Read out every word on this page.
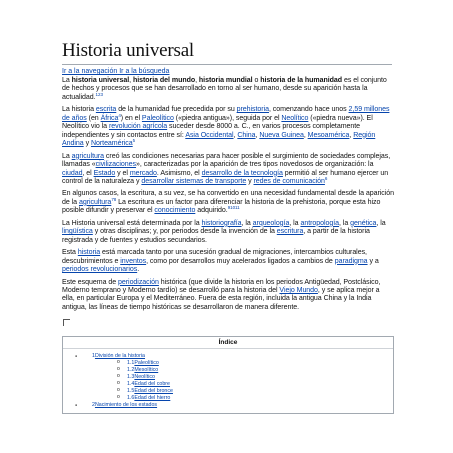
Historia universal
Ir a la navegación Ir a la búsqueda

La historia universal, historia del mundo, historia mundial o historia de la humanidad es el conjunto de hechos y procesos que se han desarrollado en torno al ser humano, desde su aparición hasta la actualidad.$^{123}$

La historia escrita de la humanidad fue precedida por su prehistoria, comenzando hace unos 2,59 millones de años (en África$^4$) en el Paleolítico («piedra antigua»), seguida por el Neolítico («piedra nueva»). El Neolítico vio la revolución agrícola suceder desde 8000 a. C., en varios procesos completamente independientes y sin contactos entre sí: Asia Occidental, China, Nueva Guinea, Mesoamérica, Región Andina y Norteamérica$^5$

La agricultura creó las condiciones necesarias para hacer posible el surgimiento de sociedades complejas, llamadas «civilizaciones», caracterizadas por la aparición de tres tipos novedosos de organización: la ciudad, el Estado y el mercado. Asimismo, el desarrollo de la tecnología permitió al ser humano ejercer un control de la naturaleza y desarrollar sistemas de transporte y redes de comunicación$^6$

En algunos casos, la escritura, a su vez, se ha convertido en una necesidad fundamental desde la aparición de la agricultura$^{78}$ La escritura es un factor para diferenciar la historia de la prehistoria, porque esta hizo posible difundir y preservar el conocimiento adquirido.$^{91011}$

La Historia universal está determinada por la historiografía, la arqueología, la antropología, la genética, la lingüística y otras disciplinas; y, por periodos desde la invención de la escritura, a partir de la historia registrada y de fuentes y estudios secundarios.

Esta historia está marcada tanto por una sucesión gradual de migraciones, intercambios culturales, descubrimientos e inventos, como por desarrollos muy acelerados ligados a cambios de paradigma y a periodos revolucionarios.

Este esquema de periodización histórica (que divide la historia en los periodos Antigüedad, Postclásico, Moderno temprano y Moderno tardío) se desarrolló para la historia del Viejo Mundo, y se aplica mejor a ella, en particular Europa y el Mediterráneo. Fuera de esta región, incluida la antigua China y la India antigua, las líneas de tiempo históricas se desarrollaron de manera diferente.

Índice
● 1División de la historia
o 1.1Paleolítico
o 1.2Mesolítico
o 1.3Neolítico
o 1.4Edad del cobre
o 1.5Edad del bronce
o 1.6Edad del hierro
● 2Nacimiento de los estados
